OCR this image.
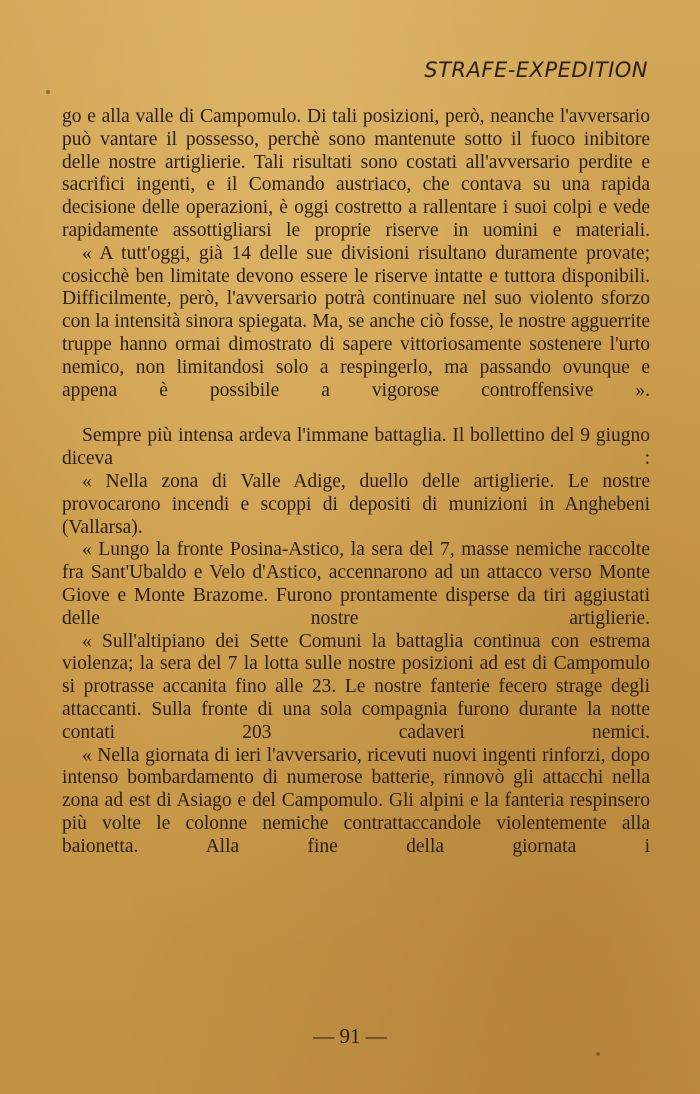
STRAFE-EXPEDITION

go e alla valle di Campomulo. Di tali posizioni, però, neanche l'avversario può vantare il possesso, perchè sono mantenute sotto il fuoco inibitore delle nostre artiglierie. Tali risultati sono costati all'avversario perdite e sacrifici ingenti, e il Comando austriaco, che contava su una rapida decisione delle operazioni, è oggi costretto a rallentare i suoi colpi e vede rapidamente assottigliarsi le proprie riserve in uomini e materiali.

« A tutt'oggi, già 14 delle sue divisioni risultano duramente provate; cosicchè ben limitate devono essere le riserve intatte e tuttora disponibili. Difficilmente, però, l'avversario potrà continuare nel suo violento sforzo con la intensità sinora spiegata. Ma, se anche ciò fosse, le nostre agguerrite truppe hanno ormai dimostrato di sapere vittoriosamente sostenere l'urto nemico, non limitandosi solo a respingerlo, ma passando ovunque e appena è possibile a vigorose controffensive ».

Sempre più intensa ardeva l'immane battaglia. Il bollettino del 9 giugno diceva :

« Nella zona di Valle Adige, duello delle artiglierie. Le nostre provocarono incendi e scoppi di depositi di munizioni in Anghebeni (Vallarsa).

« Lungo la fronte Posina-Astico, la sera del 7, masse nemiche raccolte fra Sant'Ubaldo e Velo d'Astico, accennarono ad un attacco verso Monte Giove e Monte Brazome. Furono prontamente disperse da tiri aggiustati delle nostre artiglierie.

« Sull'altipiano dei Sette Comuni la battaglia continua con estrema violenza; la sera del 7 la lotta sulle nostre posizioni ad est di Campomulo si protrasse accanita fino alle 23. Le nostre fanterie fecero strage degli attaccanti. Sulla fronte di una sola compagnia furono durante la notte contati 203 cadaveri nemici.

« Nella giornata di ieri l'avversario, ricevuti nuovi ingenti rinforzi, dopo intenso bombardamento di numerose batterie, rinnovò gli attacchi nella zona ad est di Asiago e del Campomulo. Gli alpini e la fanteria respinsero più volte le colonne nemiche contrattaccandole violentemente alla baionetta. Alla fine della giornata i

— 91 —
